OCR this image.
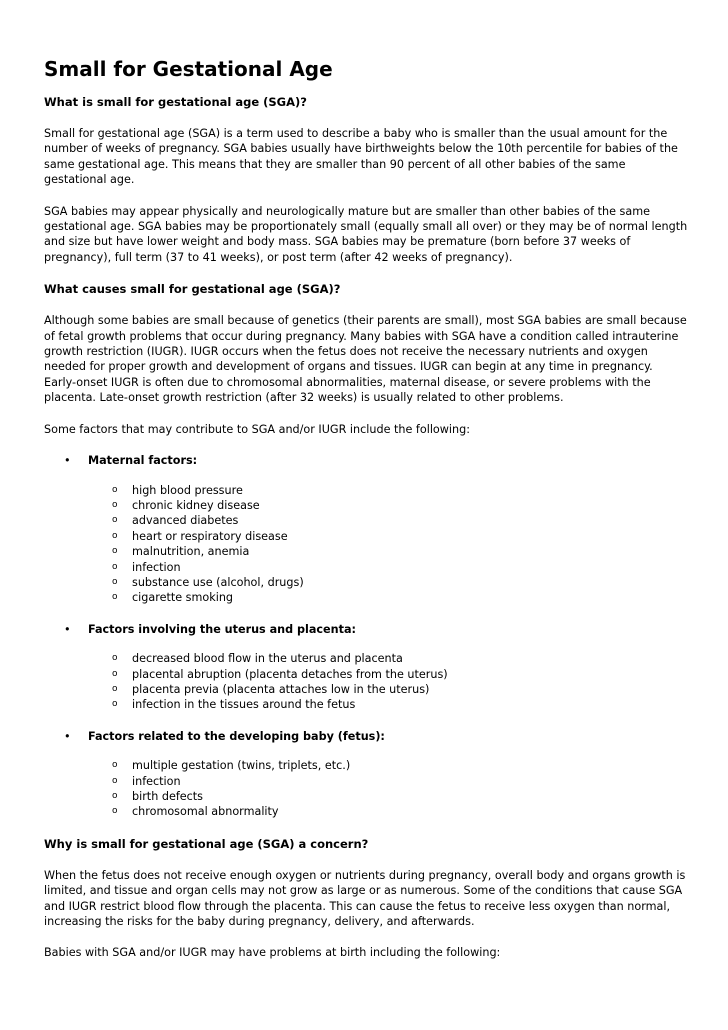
Small for Gestational Age
What is small for gestational age (SGA)?

Small for gestational age (SGA) is a term used to describe a baby who is smaller than the usual amount for the number of weeks of pregnancy. SGA babies usually have birthweights below the 10th percentile for babies of the same gestational age. This means that they are smaller than 90 percent of all other babies of the same gestational age.

SGA babies may appear physically and neurologically mature but are smaller than other babies of the same gestational age. SGA babies may be proportionately small (equally small all over) or they may be of normal length and size but have lower weight and body mass. SGA babies may be premature (born before 37 weeks of pregnancy), full term (37 to 41 weeks), or post term (after 42 weeks of pregnancy).

What causes small for gestational age (SGA)?

Although some babies are small because of genetics (their parents are small), most SGA babies are small because of fetal growth problems that occur during pregnancy. Many babies with SGA have a condition called intrauterine growth restriction (IUGR). IUGR occurs when the fetus does not receive the necessary nutrients and oxygen needed for proper growth and development of organs and tissues. IUGR can begin at any time in pregnancy. Early-onset IUGR is often due to chromosomal abnormalities, maternal disease, or severe problems with the placenta. Late-onset growth restriction (after 32 weeks) is usually related to other problems.

Some factors that may contribute to SGA and/or IUGR include the following:

•	Maternal factors:
o	high blood pressure
o	chronic kidney disease
o	advanced diabetes
o	heart or respiratory disease
o	malnutrition, anemia
o	infection
o	substance use (alcohol, drugs)
o	cigarette smoking
•	Factors involving the uterus and placenta:
o	decreased blood flow in the uterus and placenta
o	placental abruption (placenta detaches from the uterus)
o	placenta previa (placenta attaches low in the uterus)
o	infection in the tissues around the fetus
•	Factors related to the developing baby (fetus):
o	multiple gestation (twins, triplets, etc.)
o	infection
o	birth defects
o	chromosomal abnormality
Why is small for gestational age (SGA) a concern?

When the fetus does not receive enough oxygen or nutrients during pregnancy, overall body and organs growth is limited, and tissue and organ cells may not grow as large or as numerous. Some of the conditions that cause SGA and IUGR restrict blood flow through the placenta. This can cause the fetus to receive less oxygen than normal, increasing the risks for the baby during pregnancy, delivery, and afterwards.

Babies with SGA and/or IUGR may have problems at birth including the following:
